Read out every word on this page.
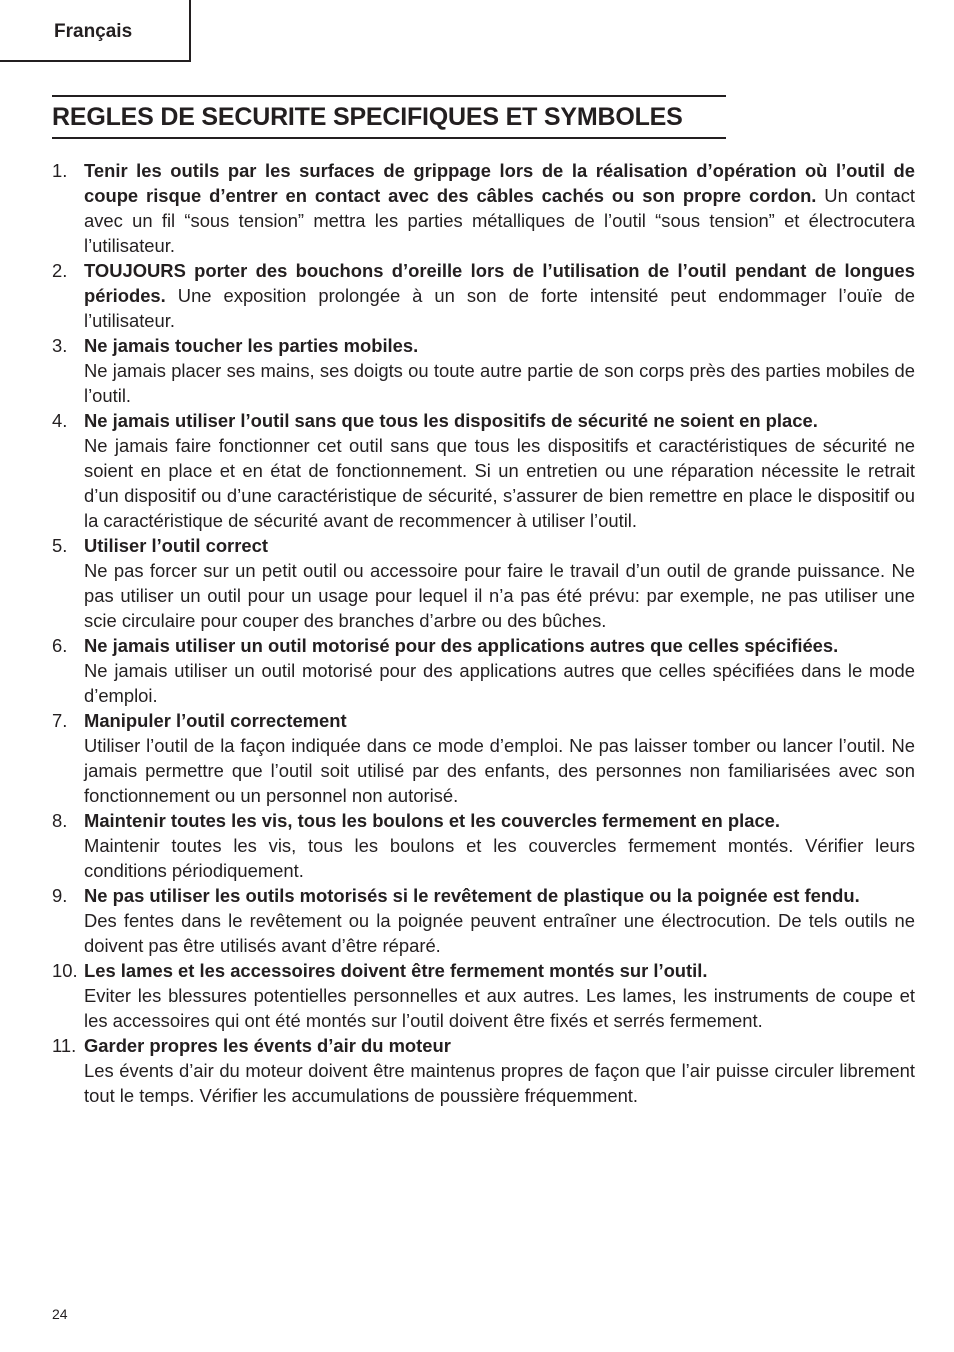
Français
REGLES DE SECURITE SPECIFIQUES ET SYMBOLES
1. Tenir les outils par les surfaces de grippage lors de la réalisation d’opération où l’outil de coupe risque d’entrer en contact avec des câbles cachés ou son propre cordon. Un contact avec un fil “sous tension” mettra les parties métalliques de l’outil “sous tension” et électrocutera l’utilisateur.
2. TOUJOURS porter des bouchons d’oreille lors de l’utilisation de l’outil pendant de longues périodes. Une exposition prolongée à un son de forte intensité peut endommager l’ouïe de l’utilisateur.
3. Ne jamais toucher les parties mobiles.
Ne jamais placer ses mains, ses doigts ou toute autre partie de son corps près des parties mobiles de l’outil.
4. Ne jamais utiliser l’outil sans que tous les dispositifs de sécurité ne soient en place.
Ne jamais faire fonctionner cet outil sans que tous les dispositifs et caractéristiques de sécurité ne soient en place et en état de fonctionnement. Si un entretien ou une réparation nécessite le retrait d’un dispositif ou d’une caractéristique de sécurité, s’assurer de bien remettre en place le dispositif ou la caractéristique de sécurité avant de recommencer à utiliser l’outil.
5. Utiliser l’outil correct
Ne pas forcer sur un petit outil ou accessoire pour faire le travail d’un outil de grande puissance. Ne pas utiliser un outil pour un usage pour lequel il n’a pas été prévu: par exemple, ne pas utiliser une scie circulaire pour couper des branches d’arbre ou des bûches.
6. Ne jamais utiliser un outil motorisé pour des applications autres que celles spécifiées.
Ne jamais utiliser un outil motorisé pour des applications autres que celles spécifiées dans le mode d’emploi.
7. Manipuler l’outil correctement
Utiliser l’outil de la façon indiquée dans ce mode d’emploi. Ne pas laisser tomber ou lancer l’outil. Ne jamais permettre que l’outil soit utilisé par des enfants, des personnes non familiarisées avec son fonctionnement ou un personnel non autorisé.
8. Maintenir toutes les vis, tous les boulons et les couvercles fermement en place.
Maintenir toutes les vis, tous les boulons et les couvercles fermement montés. Vérifier leurs conditions périodiquement.
9. Ne pas utiliser les outils motorisés si le revêtement de plastique ou la poignée est fendu.
Des fentes dans le revêtement ou la poignée peuvent entraîner une électrocution. De tels outils ne doivent pas être utilisés avant d’être réparé.
10. Les lames et les accessoires doivent être fermement montés sur l’outil.
Eviter les blessures potentielles personnelles et aux autres. Les lames, les instruments de coupe et les accessoires qui ont été montés sur l’outil doivent être fixés et serrés fermement.
11. Garder propres les évents d’air du moteur
Les évents d’air du moteur doivent être maintenus propres de façon que l’air puisse circuler librement tout le temps. Vérifier les accumulations de poussière fréquemment.
24
